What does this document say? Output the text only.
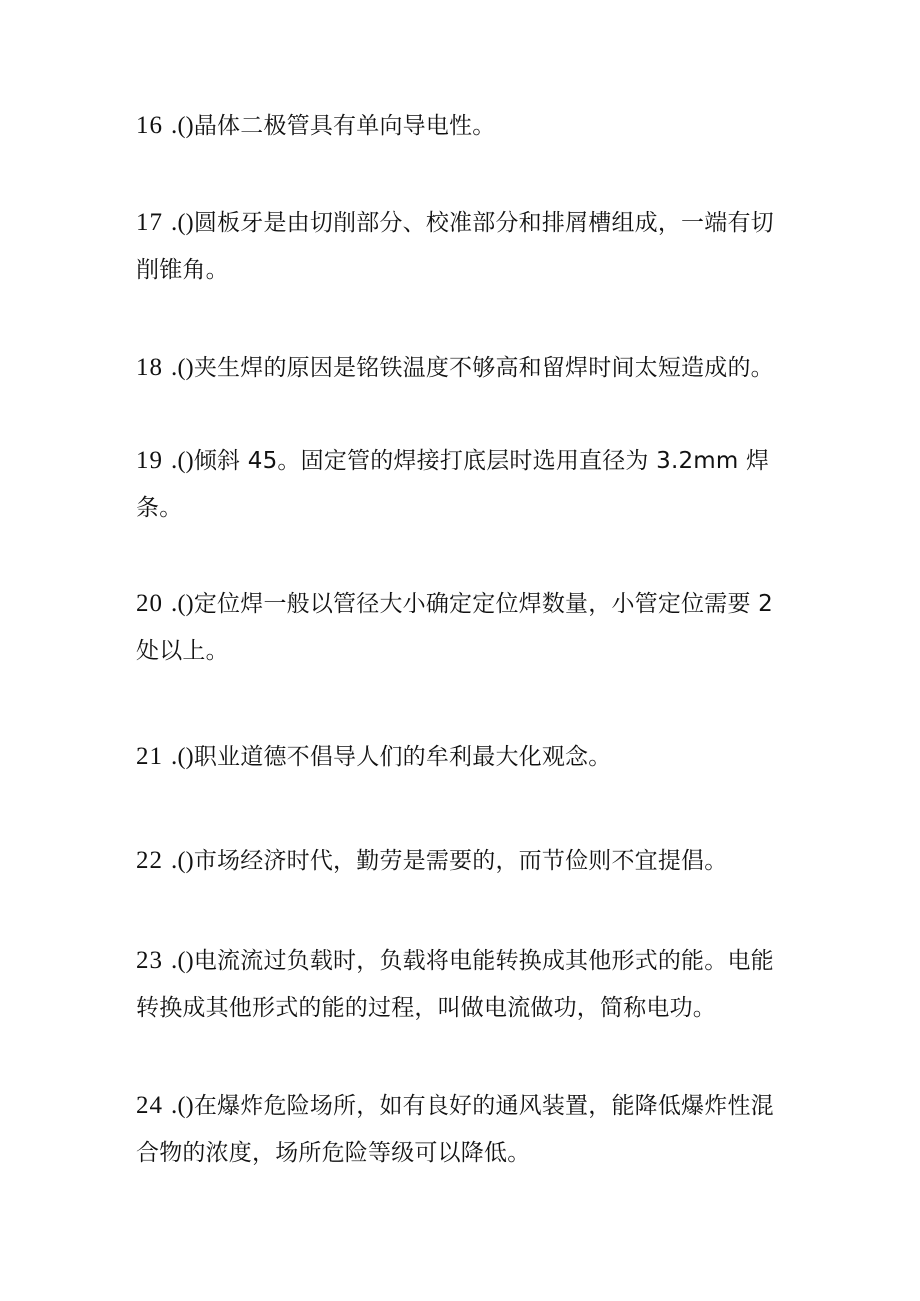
16 .()晶体二极管具有单向导电性。

17 .()圆板牙是由切削部分、校准部分和排屑槽组成，一端有切削锥角。

18 .()夹生焊的原因是铭铁温度不够高和留焊时间太短造成的。

19 .()倾斜 45。固定管的焊接打底层时选用直径为 3.2mm 焊条。

20 .()定位焊一般以管径大小确定定位焊数量，小管定位需要 2 处以上。

21 .()职业道德不倡导人们的牟利最大化观念。

22 .()市场经济时代，勤劳是需要的，而节俭则不宜提倡。

23 .()电流流过负载时，负载将电能转换成其他形式的能。电能转换成其他形式的能的过程，叫做电流做功，简称电功。

24 .()在爆炸危险场所，如有良好的通风装置，能降低爆炸性混合物的浓度，场所危险等级可以降低。
